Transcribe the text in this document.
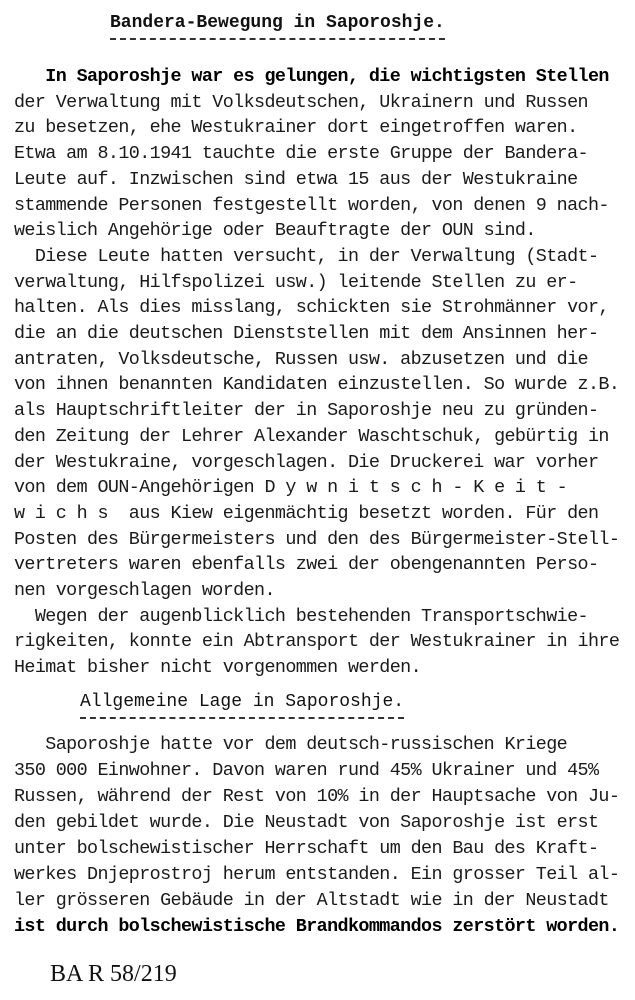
Bandera-Bewegung in Saporoshje.
In Saporoshje war es gelungen, die wichtigsten Stellen
der Verwaltung mit Volksdeutschen, Ukrainern und Russen
zu besetzen, ehe Westukrainer dort eingetroffen waren.
Etwa am 8.10.1941 tauchte die erste Gruppe der Bandera-
Leute auf. Inzwischen sind etwa 15 aus der Westukraine
stammende Personen festgestellt worden, von denen 9 nach-
weislich Angehörige oder Beauftragte der OUN sind.
Diese Leute hatten versucht, in der Verwaltung (Stadt-
verwaltung, Hilfspolizei usw.) leitende Stellen zu er-
halten. Als dies misslang, schickten sie Strohmänner vor,
die an die deutschen Dienststellen mit dem Ansinnen her-
antraten, Volksdeutsche, Russen usw. abzusetzen und die
von ihnen benannten Kandidaten einzustellen. So wurde z.B.
als Hauptschriftleiter der in Saporoshje neu zu gründen-
den Zeitung der Lehrer Alexander Waschtschuk, gebürtig in
der Westukraine, vorgeschlagen. Die Druckerei war vorher
von dem OUN-Angehörigen D y w n i t s c h - K e i t -
w i c h s  aus Kiew eigenmächtig besetzt worden. Für den
Posten des Bürgermeisters und den des Bürgermeister-Stell-
vertreters waren ebenfalls zwei der obengenannten Perso-
nen vorgeschlagen worden.
Wegen der augenblicklich bestehenden Transportschwie-
rigkeiten, konnte ein Abtransport der Westukrainer in ihre
Heimat bisher nicht vorgenommen werden.
Allgemeine Lage in Saporoshje.
Saporoshje hatte vor dem deutsch-russischen Kriege
350 000 Einwohner. Davon waren rund 45% Ukrainer und 45%
Russen, während der Rest von 10% in der Hauptsache von Ju-
den gebildet wurde. Die Neustadt von Saporoshje ist erst
unter bolschewistischer Herrschaft um den Bau des Kraft-
werkes Dnjeprostroj herum entstanden. Ein grosser Teil al-
ler grösseren Gebäude in der Altstadt wie in der Neustadt
ist durch bolschewistische Brandkommandos zerstört worden.
BA R 58/219
